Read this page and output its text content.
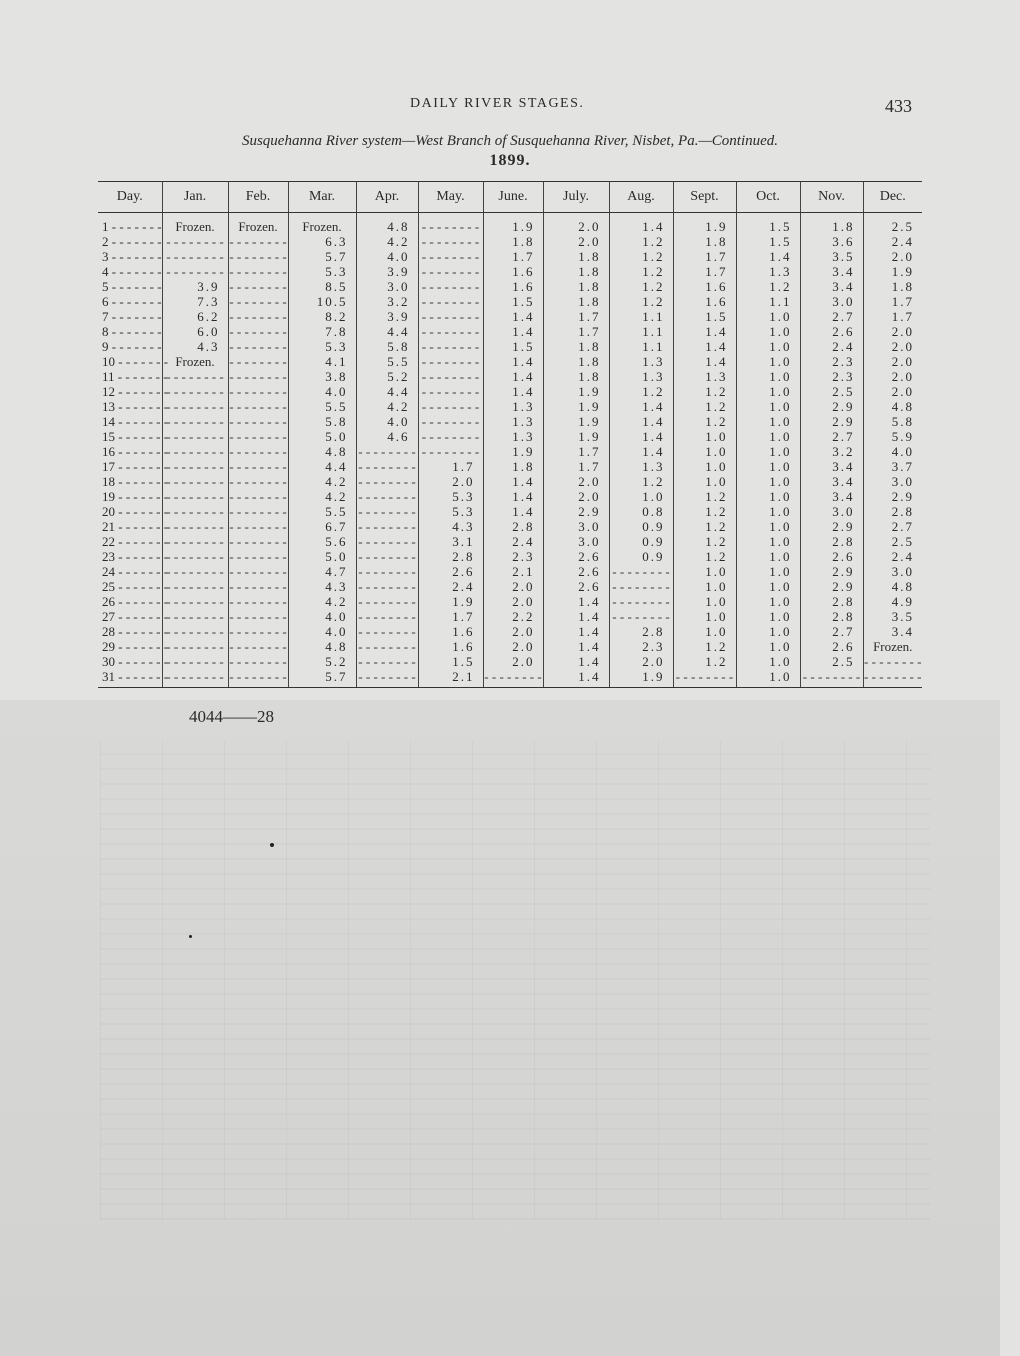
DAILY RIVER STAGES.	433
Susquehanna River system—West Branch of Susquehanna River, Nisbet, Pa.—Continued.
1899.
Day.	Jan.	Feb.	Mar.	Apr.	May.	June.	July.	Aug.	Sept.	Oct.	Nov.	Dec.
1 - - - - - - -	Frozen.	Frozen.	Frozen.	4.8	- - - - - - - -	1.9	2.0	1.4	1.9	1.5	1.8	2.5
2 - - - - - - -	- - - - - - - -	- - - - - - - -	6.3	4.2	- - - - - - - -	1.8	2.0	1.2	1.8	1.5	3.6	2.4
3 - - - - - - -	- - - - - - - -	- - - - - - - -	5.7	4.0	- - - - - - - -	1.7	1.8	1.2	1.7	1.4	3.5	2.0
4 - - - - - - -	- - - - - - - -	- - - - - - - -	5.3	3.9	- - - - - - - -	1.6	1.8	1.2	1.7	1.3	3.4	1.9
5 - - - - - - -	3.9	- - - - - - - -	8.5	3.0	- - - - - - - -	1.6	1.8	1.2	1.6	1.2	3.4	1.8
6 - - - - - - -	7.3	- - - - - - - -	10.5	3.2	- - - - - - - -	1.5	1.8	1.2	1.6	1.1	3.0	1.7
7 - - - - - - -	6.2	- - - - - - - -	8.2	3.9	- - - - - - - -	1.4	1.7	1.1	1.5	1.0	2.7	1.7
8 - - - - - - -	6.0	- - - - - - - -	7.8	4.4	- - - - - - - -	1.4	1.7	1.1	1.4	1.0	2.6	2.0
9 - - - - - - -	4.3	- - - - - - - -	5.3	5.8	- - - - - - - -	1.5	1.8	1.1	1.4	1.0	2.4	2.0
10 - - - - - - -	Frozen.	- - - - - - - -	4.1	5.5	- - - - - - - -	1.4	1.8	1.3	1.4	1.0	2.3	2.0
11 - - - - - - -	- - - - - - - -	- - - - - - - -	3.8	5.2	- - - - - - - -	1.4	1.8	1.3	1.3	1.0	2.3	2.0
12 - - - - - - -	- - - - - - - -	- - - - - - - -	4.0	4.4	- - - - - - - -	1.4	1.9	1.2	1.2	1.0	2.5	2.0
13 - - - - - - -	- - - - - - - -	- - - - - - - -	5.5	4.2	- - - - - - - -	1.3	1.9	1.4	1.2	1.0	2.9	4.8
14 - - - - - - -	- - - - - - - -	- - - - - - - -	5.8	4.0	- - - - - - - -	1.3	1.9	1.4	1.2	1.0	2.9	5.8
15 - - - - - - -	- - - - - - - -	- - - - - - - -	5.0	4.6	- - - - - - - -	1.3	1.9	1.4	1.0	1.0	2.7	5.9
16 - - - - - - -	- - - - - - - -	- - - - - - - -	4.8	- - - - - - - -	- - - - - - - -	1.9	1.7	1.4	1.0	1.0	3.2	4.0
17 - - - - - - -	- - - - - - - -	- - - - - - - -	4.4	- - - - - - - -	1.7	1.8	1.7	1.3	1.0	1.0	3.4	3.7
18 - - - - - - -	- - - - - - - -	- - - - - - - -	4.2	- - - - - - - -	2.0	1.4	2.0	1.2	1.0	1.0	3.4	3.0
19 - - - - - - -	- - - - - - - -	- - - - - - - -	4.2	- - - - - - - -	5.3	1.4	2.0	1.0	1.2	1.0	3.4	2.9
20 - - - - - - -	- - - - - - - -	- - - - - - - -	5.5	- - - - - - - -	5.3	1.4	2.9	0.8	1.2	1.0	3.0	2.8
21 - - - - - - -	- - - - - - - -	- - - - - - - -	6.7	- - - - - - - -	4.3	2.8	3.0	0.9	1.2	1.0	2.9	2.7
22 - - - - - - -	- - - - - - - -	- - - - - - - -	5.6	- - - - - - - -	3.1	2.4	3.0	0.9	1.2	1.0	2.8	2.5
23 - - - - - - -	- - - - - - - -	- - - - - - - -	5.0	- - - - - - - -	2.8	2.3	2.6	0.9	1.2	1.0	2.6	2.4
24 - - - - - - -	- - - - - - - -	- - - - - - - -	4.7	- - - - - - - -	2.6	2.1	2.6	- - - - - - - -	1.0	1.0	2.9	3.0
25 - - - - - - -	- - - - - - - -	- - - - - - - -	4.3	- - - - - - - -	2.4	2.0	2.6	- - - - - - - -	1.0	1.0	2.9	4.8
26 - - - - - - -	- - - - - - - -	- - - - - - - -	4.2	- - - - - - - -	1.9	2.0	1.4	- - - - - - - -	1.0	1.0	2.8	4.9
27 - - - - - - -	- - - - - - - -	- - - - - - - -	4.0	- - - - - - - -	1.7	2.2	1.4	- - - - - - - -	1.0	1.0	2.8	3.5
28 - - - - - - -	- - - - - - - -	- - - - - - - -	4.0	- - - - - - - -	1.6	2.0	1.4	2.8	1.0	1.0	2.7	3.4
29 - - - - - - -	- - - - - - - -	- - - - - - - -	4.8	- - - - - - - -	1.6	2.0	1.4	2.3	1.2	1.0	2.6	Frozen.
30 - - - - - - -	- - - - - - - -	- - - - - - - -	5.2	- - - - - - - -	1.5	2.0	1.4	2.0	1.2	1.0	2.5	- - - - - - - -
31 - - - - - - -	- - - - - - - -	- - - - - - - -	5.7	- - - - - - - -	2.1	- - - - - - - -	1.4	1.9	- - - - - - - -	1.0	- - - - - - - -	- - - - - - - -
4044——28
